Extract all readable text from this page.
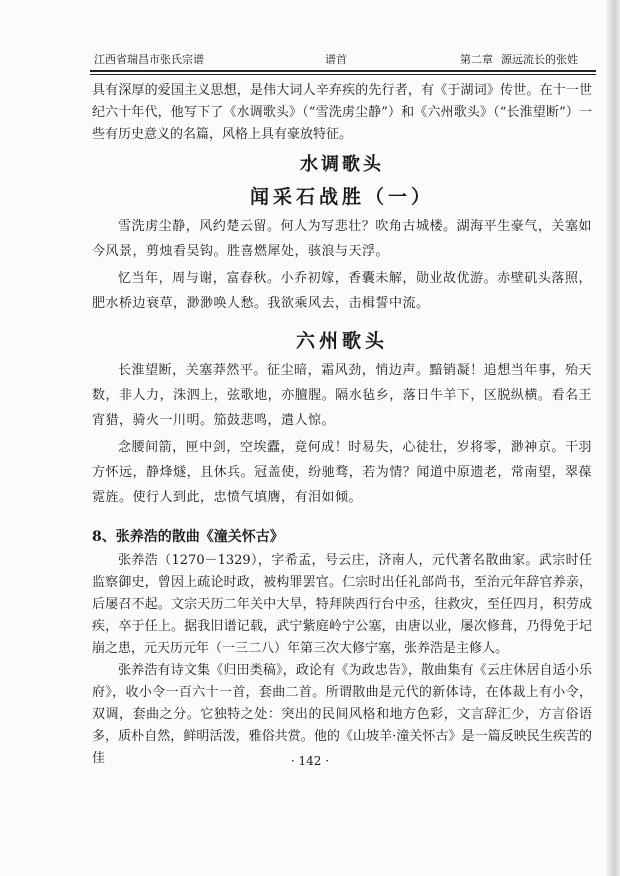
江西省瑞昌市张氏宗谱	谱首	第二章 源远流长的张姓

具有深厚的爱国主义思想，是伟大词人辛弃疾的先行者，有《于湖词》传世。在十一世纪六十年代，他写下了《水调歌头》（“雪洗虏尘静”）和《六州歌头》（“长淮望断”）一些有历史意义的名篇，风格上具有豪放特征。

水调歌头

闻采石战胜（一）

雪洗虏尘静，风约楚云留。何人为写悲壮？吹角古城楼。湖海平生豪气，关塞如今风景，剪烛看吴钩。胜喜燃犀处，骇浪与天浮。

忆当年，周与谢，富春秋。小乔初嫁，香囊未解，勋业故优游。赤壁矶头落照，肥水桥边衰草，渺渺唤人愁。我欲乘风去，击楫誓中流。

六州歌头

长淮望断，关塞莽然平。征尘暗，霜风劲，悄边声。黯销凝！追想当年事，殆天数，非人力，洙泗上，弦歌地，亦膻腥。隔水毡乡，落日牛羊下，区脱纵横。看名王宵猎，骑火一川明。笳鼓悲鸣，遣人惊。

念腰间箭，匣中剑，空埃蠹，竟何成！时易失，心徒壮，岁将零，渺神京。干羽方怀远，静烽燧，且休兵。冠盖使，纷驰骛，若为情？闻道中原遗老，常南望，翠葆霓旌。使行人到此，忠愤气填膺，有泪如倾。

8、张养浩的散曲《潼关怀古》

张养浩（1270－1329），字希孟，号云庄，济南人，元代著名散曲家。武宗时任监察御史，曾因上疏论时政，被构罪罢官。仁宗时出任礼部尚书，至治元年辞官养亲，后屡召不起。文宗天历二年关中大旱，特拜陕西行台中丞，往救灾，至任四月，积劳成疾，卒于任上。据我旧谱记载，武宁紫庭岭宁公塞，由唐以业，屡次修葺，乃得免于圮崩之患，元天历元年（一三二八）年第三次大修宁塞，张养浩是主修人。

张养浩有诗文集《归田类稿》，政论有《为政忠告》，散曲集有《云庄休居自适小乐府》，收小令一百六十一首，套曲二首。所谓散曲是元代的新体诗，在体裁上有小令，双调，套曲之分。它独特之处：突出的民间风格和地方色彩，文言辞汇少，方言俗语多，质朴自然，鲜明活泼，雅俗共赏。他的《山坡羊·潼关怀古》是一篇反映民生疾苦的佳	· 142 ·
